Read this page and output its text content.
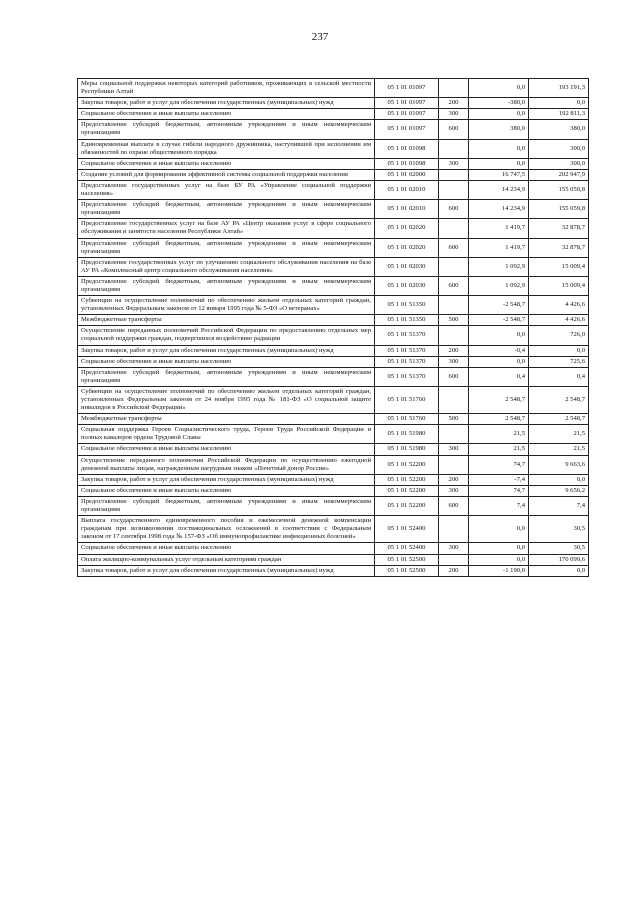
237
Меры социальной поддержки некоторых категорий работников, проживающих в сельской местности Республики Алтай	05 1 01 01097		0,0	193 191,3
Закупка товаров, работ и услуг для обеспечения государственных (муниципальных) нужд	05 1 01 01097	200	-380,0	0,0
Социальное обеспечение и иные выплаты населению	05 1 01 01097	300	0,0	192 811,3
Предоставление субсидий бюджетным, автономным учреждениям и иным некоммерческим организациям	05 1 01 01097	600	380,0	380,0
Единовременная выплата в случае гибели народного дружинника, наступившей при исполнении им обязанностей по охране общественного порядка	05 1 01 01098		0,0	300,0
Социальное обеспечение и иные выплаты населению	05 1 01 01098	300	0,0	300,0
Создание условий для формирования эффективной системы социальной поддержки населения	05 1 01 02000		16 747,5	202 947,9
Предоставление государственных услуг на базе БУ РА «Управление социальной поддержки населения»	05 1 01 02010		14 234,9	155 059,8
Предоставление субсидий бюджетным, автономным учреждениям и иным некоммерческим организациям	05 1 01 02010	600	14 234,9	155 059,8
Предоставление государственных услуг на базе АУ РА «Центр оказания услуг в сфере социального обслуживания и занятости населения Республики Алтай»	05 1 01 02020		1 419,7	32 878,7
Предоставление субсидий бюджетным, автономным учреждениям и иным некоммерческим организациям	05 1 01 02020	600	1 419,7	32 878,7
Предоставление государственных услуг по улучшению социального обслуживания населения на базе АУ РА «Комплексный центр социального обслуживания населения»	05 1 01 02030		1 092,9	15 009,4
Предоставление субсидий бюджетным, автономным учреждениям и иным некоммерческим организациям	05 1 01 02030	600	1 092,9	15 009,4
Субвенции на осуществление полномочий по обеспечению жильем отдельных категорий граждан, установленных Федеральным законом от 12 января 1995 года № 5-ФЗ «О ветеранах»	05 1 01 51350		-2 548,7	4 426,6
Межбюджетные трансферты	05 1 01 51350	500	-2 548,7	4 426,6
Осуществление переданных полномочий Российской Федерации по предоставлению отдельных мер социальной поддержки граждан, подвергшихся воздействию радиации	05 1 01 51370		0,0	726,0
Закупка товаров, работ и услуг для обеспечения государственных (муниципальных) нужд	05 1 01 51370	200	-0,4	0,0
Социальное обеспечение и иные выплаты населению	05 1 01 51370	300	0,0	725,6
Предоставление субсидий бюджетным, автономным учреждениям и иным некоммерческим организациям	05 1 01 51370	600	0,4	0,4
Субвенции на осуществление полномочий по обеспечению жильем отдельных категорий граждан, установленных Федеральным законом от 24 ноября 1995 года № 181-ФЗ «О социальной защите инвалидов в Российской Федерации»	05 1 01 51760		2 548,7	2 548,7
Межбюджетные трансферты	05 1 01 51760	500	2 548,7	2 548,7
Социальная поддержка Героев Социалистического труда, Героев Труда Российской Федерации и полных кавалеров ордена Трудовой Славы	05 1 01 51980		21,5	21,5
Социальное обеспечение и иные выплаты населению	05 1 01 51980	300	21,5	21,5
Осуществление переданного полномочия Российской Федерации по осуществлению ежегодной денежной выплаты лицам, награжденным нагрудным знаком «Почетный донор России»	05 1 01 52200		74,7	9 663,6
Закупка товаров, работ и услуг для обеспечения государственных (муниципальных) нужд	05 1 01 52200	200	-7,4	0,0
Социальное обеспечение и иные выплаты населению	05 1 01 52200	300	74,7	9 656,2
Предоставление субсидий бюджетным, автономным учреждениям и иным некоммерческим организациям	05 1 01 52200	600	7,4	7,4
Выплата государственного единовременного пособия и ежемесячной денежной компенсации гражданам при возникновении поствакцинальных осложнений в соответствии с Федеральным законом от 17 сентября 1998 года № 157-ФЗ «Об иммунопрофилактике инфекционных болезней»	05 1 01 52400		0,0	30,5
Социальное обеспечение и иные выплаты населению	05 1 01 52400	300	0,0	30,5
Оплата жилищно-коммунальных услуг отдельным категориям граждан	05 1 01 52500		0,0	170 099,6
Закупка товаров, работ и услуг для обеспечения государственных (муниципальных) нужд	05 1 01 52500	200	-1 190,0	0,0
